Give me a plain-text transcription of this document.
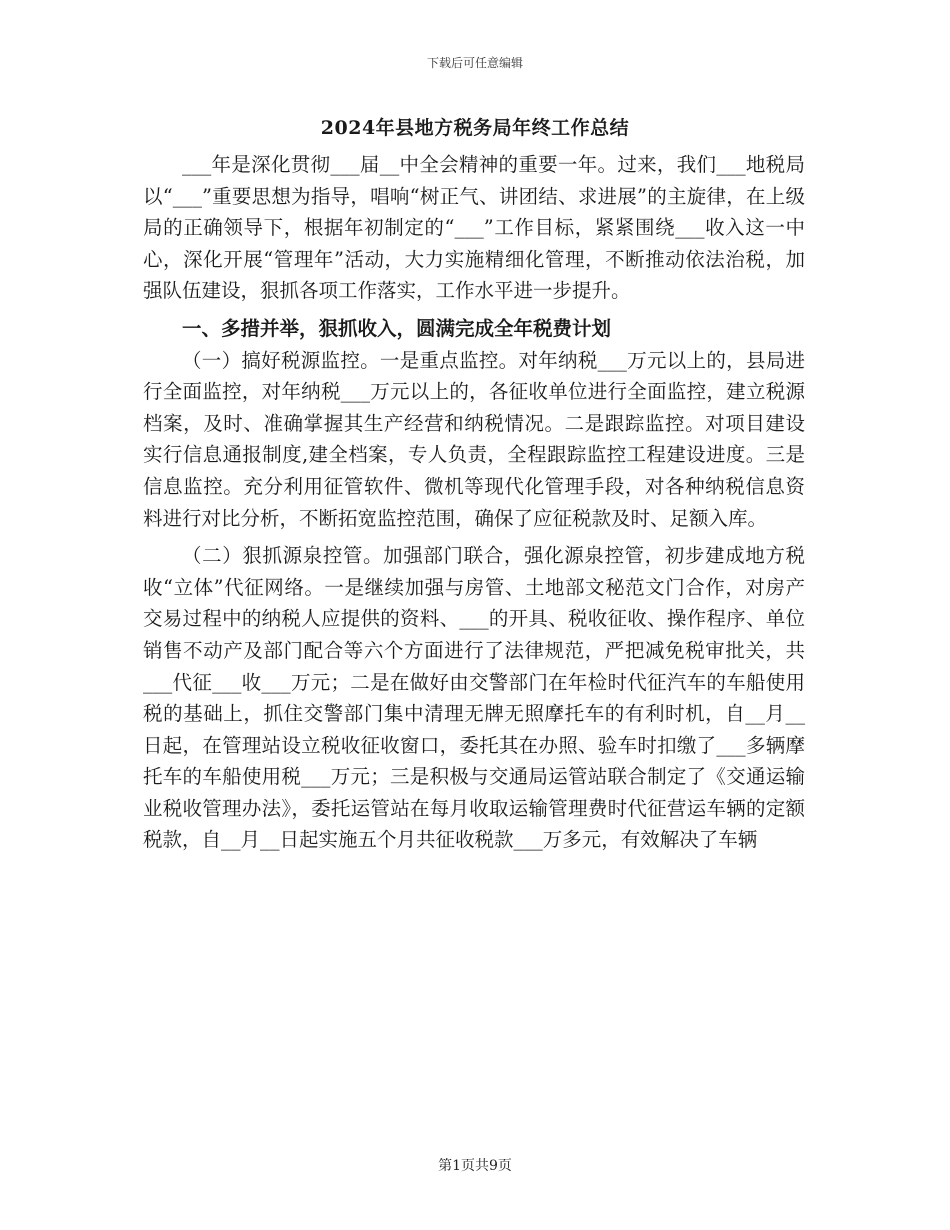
下载后可任意编辑
2024年县地方税务局年终工作总结

___年是深化贯彻___届__中全会精神的重要一年。过来，我们___地税局以“___”重要思想为指导，唱响“树正气、讲团结、求进展”的主旋律，在上级局的正确领导下，根据年初制定的“___”工作目标，紧紧围绕___收入这一中心，深化开展“管理年”活动，大力实施精细化管理，不断推动依法治税，加强队伍建设，狠抓各项工作落实，工作水平进一步提升。

一、多措并举，狠抓收入，圆满完成全年税费计划

（一）搞好税源监控。一是重点监控。对年纳税___万元以上的，县局进行全面监控，对年纳税___万元以上的，各征收单位进行全面监控，建立税源档案，及时、准确掌握其生产经营和纳税情况。二是跟踪监控。对项目建设实行信息通报制度,建全档案，专人负责，全程跟踪监控工程建设进度。三是信息监控。充分利用征管软件、微机等现代化管理手段，对各种纳税信息资料进行对比分析，不断拓宽监控范围，确保了应征税款及时、足额入库。

（二）狠抓源泉控管。加强部门联合，强化源泉控管，初步建成地方税收“立体”代征网络。一是继续加强与房管、土地部文秘范文门合作，对房产交易过程中的纳税人应提供的资料、___的开具、税收征收、操作程序、单位销售不动产及部门配合等六个方面进行了法律规范，严把减免税审批关，共___代征___收___万元；二是在做好由交警部门在年检时代征汽车的车船使用税的基础上，抓住交警部门集中清理无牌无照摩托车的有利时机，自__月__日起，在管理站设立税收征收窗口，委托其在办照、验车时扣缴了___多辆摩托车的车船使用税___万元；三是积极与交通局运管站联合制定了《交通运输业税收管理办法》，委托运管站在每月收取运输管理费时代征营运车辆的定额税款，自__月__日起实施五个月共征收税款___万多元，有效解决了车辆

第1页共9页
